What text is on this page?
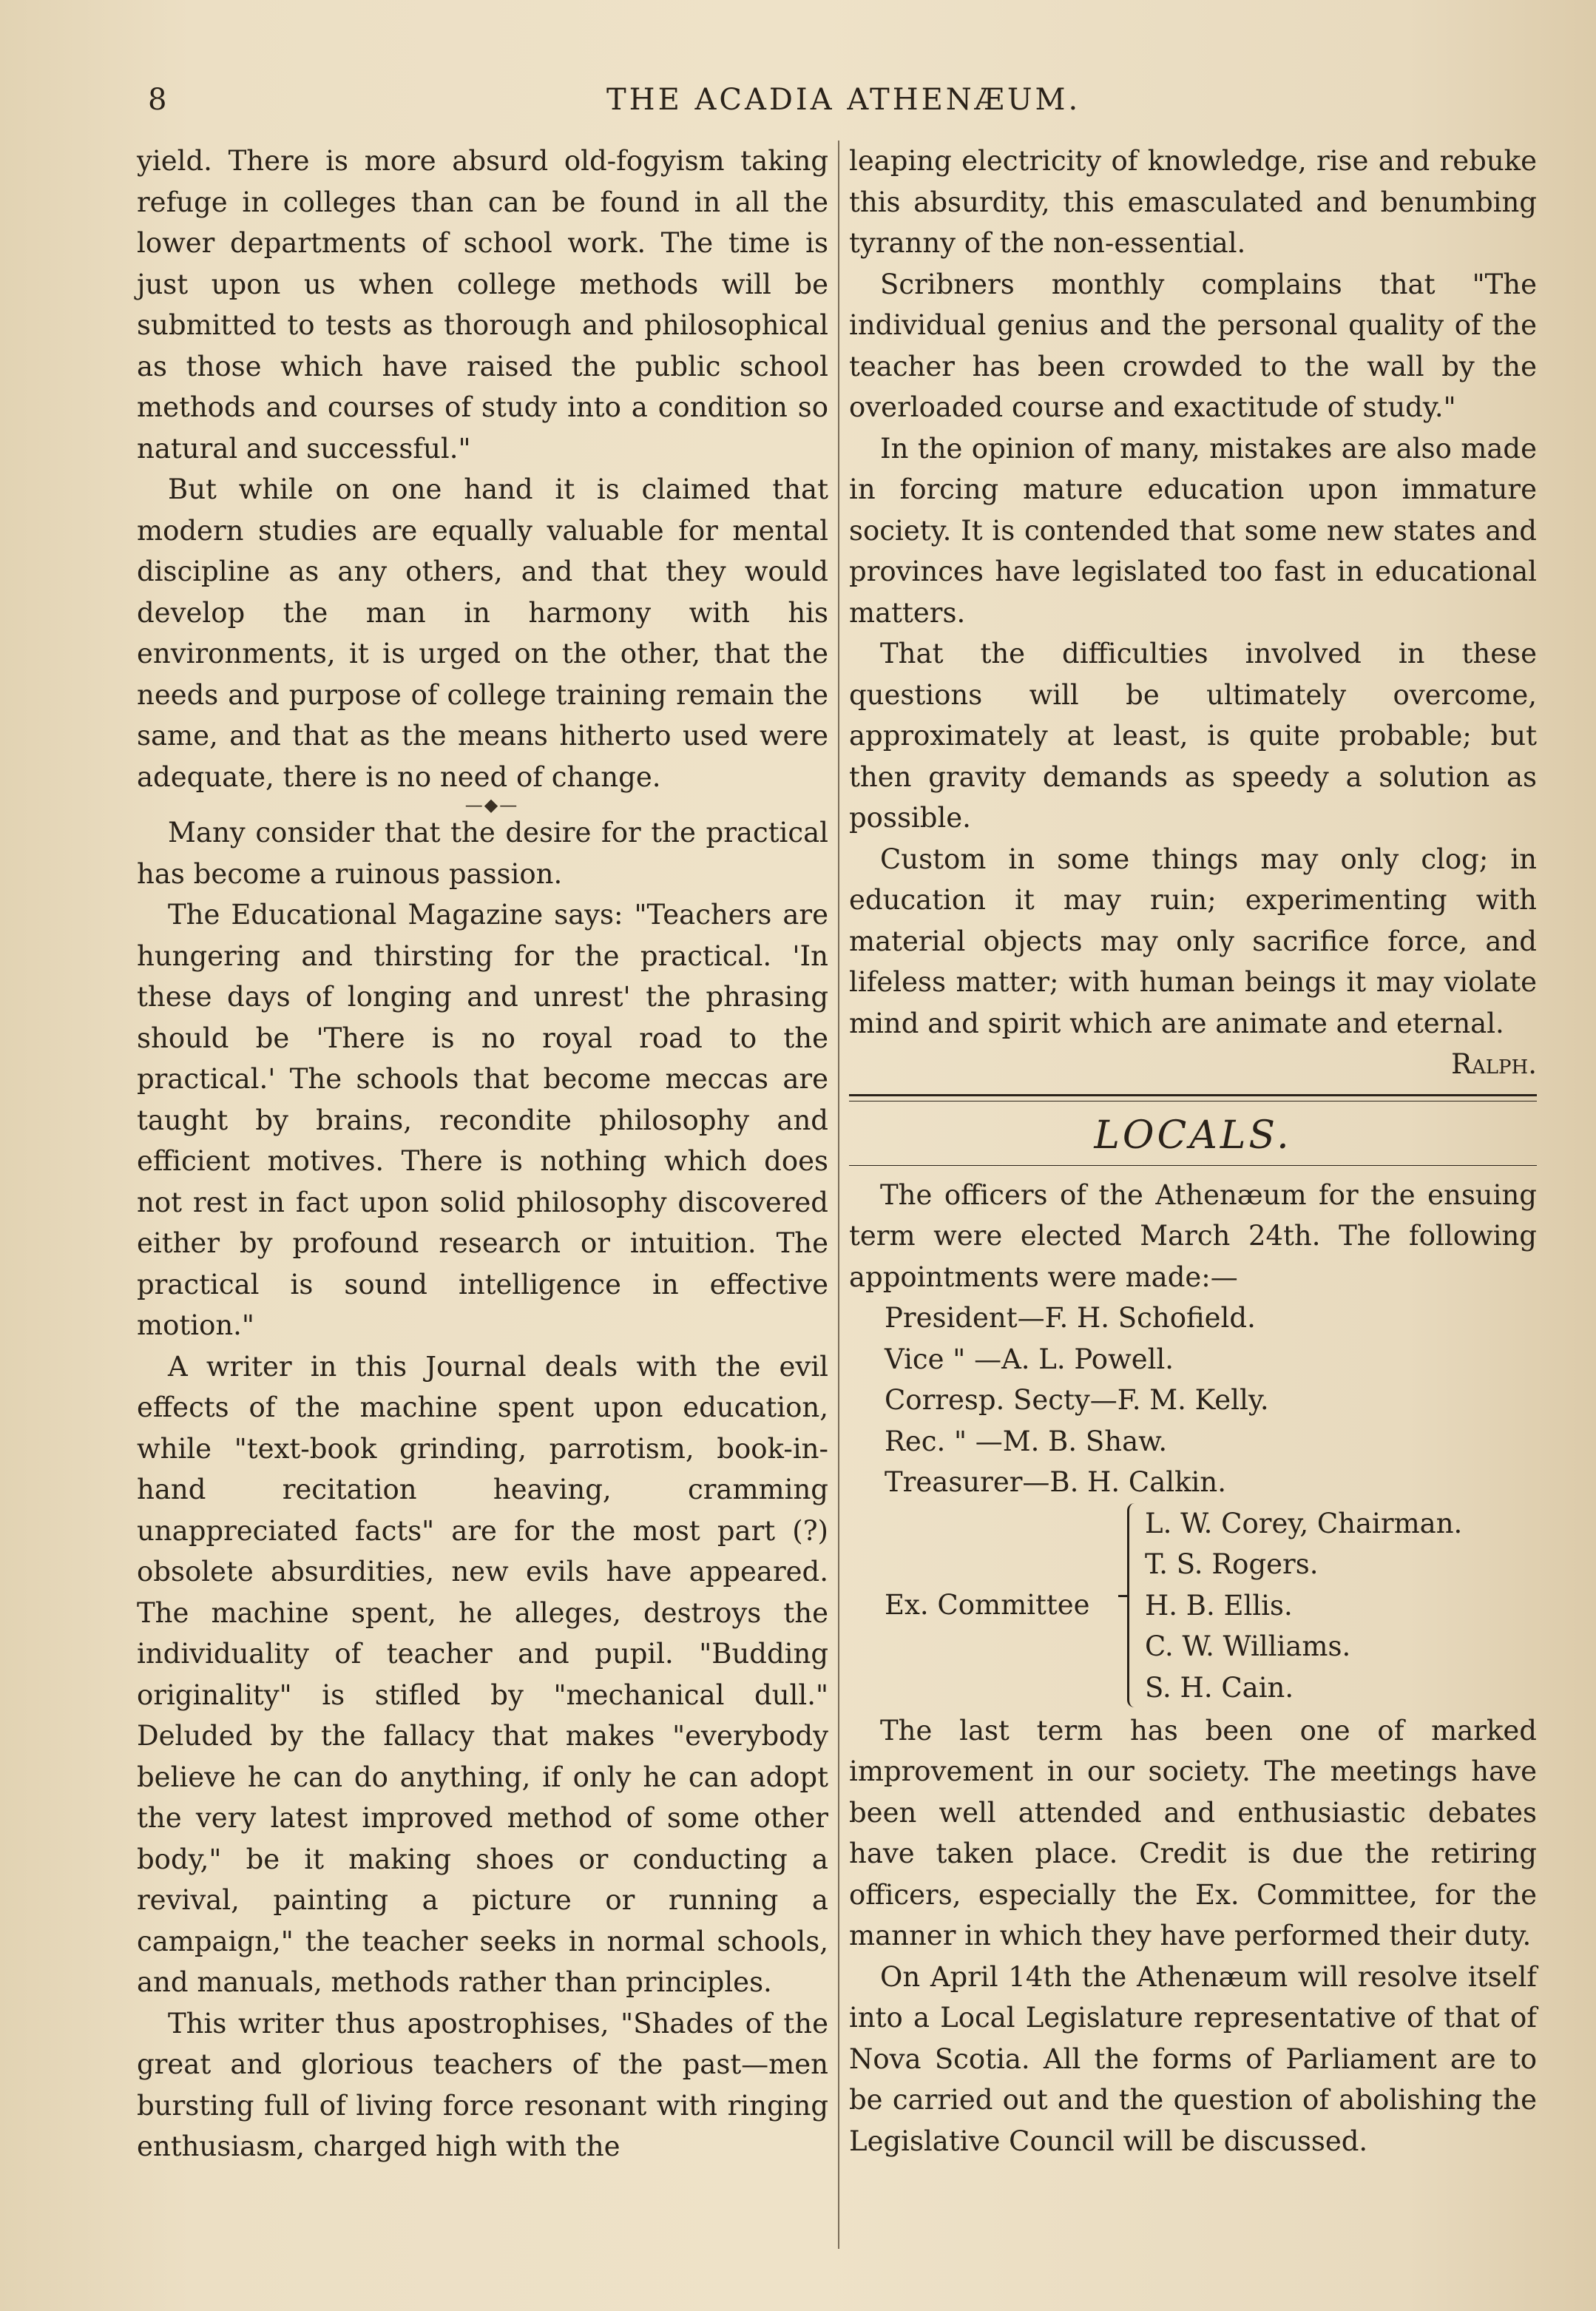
8	THE ACADIA ATHENÆUM.

yield. There is more absurd old-fogyism taking refuge in colleges than can be found in all the lower departments of school work. The time is just upon us when college methods will be submitted to tests as thorough and philosophical as those which have raised the public school methods and courses of study into a condition so natural and successful."

But while on one hand it is claimed that modern studies are equally valuable for mental discipline as any others, and that they would develop the man in harmony with his environments, it is urged on the other, that the needs and purpose of college training remain the same, and that as the means hitherto used were adequate, there is no need of change.

—◆—

Many consider that the desire for the practical has become a ruinous passion.

The Educational Magazine says: "Teachers are hungering and thirsting for the practical. 'In these days of longing and unrest' the phrasing should be 'There is no royal road to the practical.' The schools that become meccas are taught by brains, recondite philosophy and efficient motives. There is nothing which does not rest in fact upon solid philosophy discovered either by profound research or intuition. The practical is sound intelligence in effective motion."

A writer in this Journal deals with the evil effects of the machine spent upon education, while "text-book grinding, parrotism, book-in-hand recitation heaving, cramming unappreciated facts" are for the most part (?) obsolete absurdities, new evils have appeared. The machine spent, he alleges, destroys the individuality of teacher and pupil. "Budding originality" is stifled by "mechanical dull." Deluded by the fallacy that makes "everybody believe he can do anything, if only he can adopt the very latest improved method of some other body," be it making shoes or conducting a revival, painting a picture or running a campaign," the teacher seeks in normal schools, and manuals, methods rather than principles.

This writer thus apostrophises, "Shades of the great and glorious teachers of the past—men bursting full of living force resonant with ringing enthusiasm, charged high with the

leaping electricity of knowledge, rise and rebuke this absurdity, this emasculated and benumbing tyranny of the non-essential.

Scribners monthly complains that "The individual genius and the personal quality of the teacher has been crowded to the wall by the overloaded course and exactitude of study."

In the opinion of many, mistakes are also made in forcing mature education upon immature society. It is contended that some new states and provinces have legislated too fast in educational matters.

That the difficulties involved in these questions will be ultimately overcome, approximately at least, is quite probable; but then gravity demands as speedy a solution as possible.

Custom in some things may only clog; in education it may ruin; experimenting with material objects may only sacrifice force, and lifeless matter; with human beings it may violate mind and spirit which are animate and eternal.

Ralph.

LOCALS.

The officers of the Athenæum for the ensuing term were elected March 24th. The following appointments were made:—

President—F. H. Schofield.
Vice " —A. L. Powell.
Corresp. Secty—F. M. Kelly.
Rec. " —M. B. Shaw.
Treasurer—B. H. Calkin.
Ex. Committee
L. W. Corey, Chairman.
T. S. Rogers.
H. B. Ellis.
C. W. Williams.
S. H. Cain.

The last term has been one of marked improvement in our society. The meetings have been well attended and enthusiastic debates have taken place. Credit is due the retiring officers, especially the Ex. Committee, for the manner in which they have performed their duty.

On April 14th the Athenæum will resolve itself into a Local Legislature representative of that of Nova Scotia. All the forms of Parliament are to be carried out and the question of abolishing the Legislative Council will be discussed.
